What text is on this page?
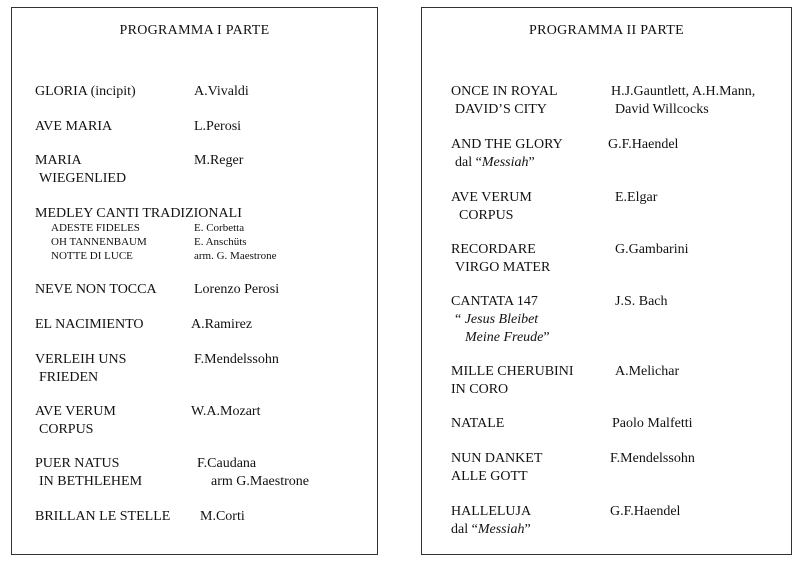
PROGRAMMA I PARTE
GLORIA (incipit)	A.Vivaldi
AVE MARIA	L.Perosi
MARIA	M.Reger
WIEGENLIED
MEDLEY CANTI TRADIZIONALI
ADESTE FIDELES	E. Corbetta
OH TANNENBAUM	E. Anschüts
NOTTE DI LUCE	arm. G. Maestrone
NEVE NON TOCCA	Lorenzo Perosi
EL NACIMIENTO	A.Ramirez
VERLEIH UNS	F.Mendelssohn
FRIEDEN
AVE VERUM	W.A.Mozart
CORPUS
PUER NATUS	F.Caudana
IN BETHLEHEM	arm G.Maestrone
BRILLAN LE STELLE M.Corti
PROGRAMMA II PARTE
ONCE IN ROYAL	H.J.Gauntlett, A.H.Mann,
DAVID’S CITY	David Willcocks
AND THE GLORY	G.F.Haendel
dal “Messiah”
AVE VERUM	E.Elgar
CORPUS
RECORDARE	G.Gambarini
VIRGO MATER
CANTATA 147	J.S. Bach
“ Jesus Bleibet
Meine Freude”
MILLE CHERUBINI	A.Melichar
IN CORO
NATALE	Paolo Malfetti
NUN DANKET	F.Mendelssohn
ALLE GOTT
HALLELUJA	G.F.Haendel
dal “Messiah”
